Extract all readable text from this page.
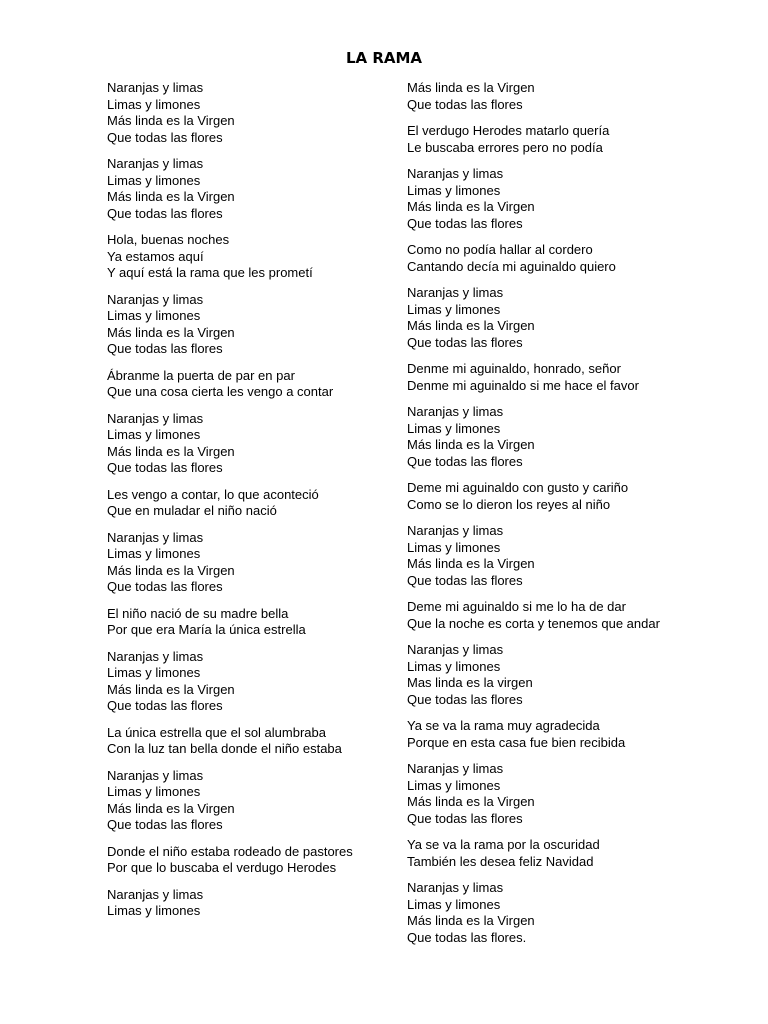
LA RAMA
Naranjas y limas
Limas y limones
Más linda es la Virgen
Que todas las flores
Naranjas y limas
Limas y limones
Más linda es la Virgen
Que todas las flores
Hola, buenas noches
Ya estamos aquí
Y aquí está la rama que les prometí
Naranjas y limas
Limas y limones
Más linda es la Virgen
Que todas las flores
Ábranme la puerta de par en par
Que una cosa cierta les vengo a contar
Naranjas y limas
Limas y limones
Más linda es la Virgen
Que todas las flores
Les vengo a contar, lo que aconteció
Que en muladar el niño nació
Naranjas y limas
Limas y limones
Más linda es la Virgen
Que todas las flores
El niño nació de su madre bella
Por que era María la única estrella
Naranjas y limas
Limas y limones
Más linda es la Virgen
Que todas las flores
La única estrella que el sol alumbraba
Con la luz tan bella donde el niño estaba
Naranjas y limas
Limas y limones
Más linda es la Virgen
Que todas las flores
Donde el niño estaba rodeado de pastores
Por que lo buscaba el verdugo Herodes
Naranjas y limas
Limas y limones
Más linda es la Virgen
Que todas las flores
El verdugo Herodes matarlo quería
Le buscaba errores pero no podía
Naranjas y limas
Limas y limones
Más linda es la Virgen
Que todas las flores
Como no podía hallar al cordero
Cantando decía mi aguinaldo quiero
Naranjas y limas
Limas y limones
Más linda es la Virgen
Que todas las flores
Denme mi aguinaldo, honrado, señor
Denme mi aguinaldo si me hace el favor
Naranjas y limas
Limas y limones
Más linda es la Virgen
Que todas las flores
Deme mi aguinaldo con gusto y cariño
Como se lo dieron los reyes al niño
Naranjas y limas
Limas y limones
Más linda es la Virgen
Que todas las flores
Deme mi aguinaldo si me lo ha de dar
Que la noche es corta y tenemos que andar
Naranjas y limas
Limas y limones
Mas linda es la virgen
Que todas las flores
Ya se va la rama muy agradecida
Porque en esta casa fue bien recibida
Naranjas y limas
Limas y limones
Más linda es la Virgen
Que todas las flores
Ya se va la rama por la oscuridad
También les desea feliz Navidad
Naranjas y limas
Limas y limones
Más linda es la Virgen
Que todas las flores.
